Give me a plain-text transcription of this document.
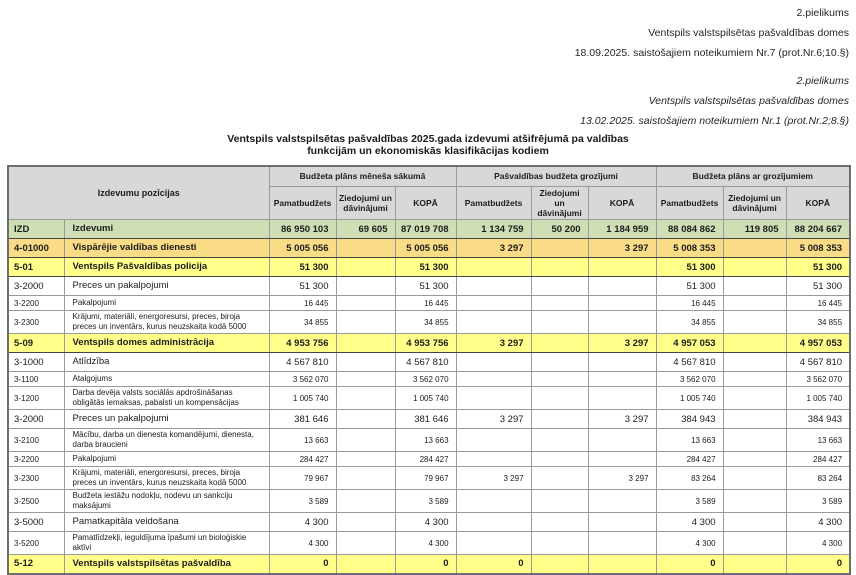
2.pielikums
Ventspils valstspilsētas pašvaldības domes
18.09.2025. saistošajiem noteikumiem Nr.7 (prot.Nr.6;10.§)
2.pielikums
Ventspils valstspilsētas pašvaldības domes
13.02.2025. saistošajiem noteikumiem Nr.1 (prot.Nr.2;8.§)
Ventspils valstspilsētas pašvaldības 2025.gada izdevumi atšifrējumā pa valdības
funkcijām un ekonomiskās klasifikācijas kodiem
Izdevumu pozīcijas		Budžeta plāns mēneša sākumā			Pašvaldības budžeta grozījumi			Budžeta plāns ar grozījumiem		
		Pamatbudžets	Ziedojumi un dāvinājumi	KOPĀ	Pamatbudžets	Ziedojumi un dāvinājumi	KOPĀ	Pamatbudžets	Ziedojumi un dāvinājumi	KOPĀ
IZD	Izdevumi	86 950 103	69 605	87 019 708	1 134 759	50 200	1 184 959	88 084 862	119 805	88 204 667
4-01000	Vispārējie valdības dienesti	5 005 056		5 005 056	3 297		3 297	5 008 353		5 008 353
5-01	Ventspils Pašvaldības policija	51 300		51 300				51 300		51 300
3-2000	Preces un pakalpojumi	51 300		51 300				51 300		51 300
3-2200	Pakalpojumi	16 445		16 445				16 445		16 445
3-2300	Krājumi, materiāli, energoresursi, preces, biroja preces un inventārs, kurus neuzskaita kodā 5000	34 855		34 855				34 855		34 855
5-09	Ventspils domes administrācija	4 953 756		4 953 756	3 297		3 297	4 957 053		4 957 053
3-1000	Atlīdzība	4 567 810		4 567 810				4 567 810		4 567 810
3-1100	Atalgojums	3 562 070		3 562 070				3 562 070		3 562 070
3-1200	Darba devēja valsts sociālās apdrošināšanas obligātās iemaksas, pabalsti un kompensācijas	1 005 740		1 005 740				1 005 740		1 005 740
3-2000	Preces un pakalpojumi	381 646		381 646	3 297		3 297	384 943		384 943
3-2100	Mācību, darba un dienesta komandējumi, dienesta, darba braucieni	13 663		13 663				13 663		13 663
3-2200	Pakalpojumi	284 427		284 427				284 427		284 427
3-2300	Krājumi, materiāli, energoresursi, preces, biroja preces un inventārs, kurus neuzskaita kodā 5000	79 967		79 967	3 297		3 297	83 264		83 264
3-2500	Budžeta iestāžu nodokļu, nodevu un sankciju maksājumi	3 589		3 589				3 589		3 589
3-5000	Pamatkapitāla veidošana	4 300		4 300				4 300		4 300
3-5200	Pamatlīdzekļi, ieguldījuma īpašumi un bioloģiskie aktīvi	4 300		4 300				4 300		4 300
5-12	Ventspils valstspilsētas pašvaldība	0		0	0			0		0
